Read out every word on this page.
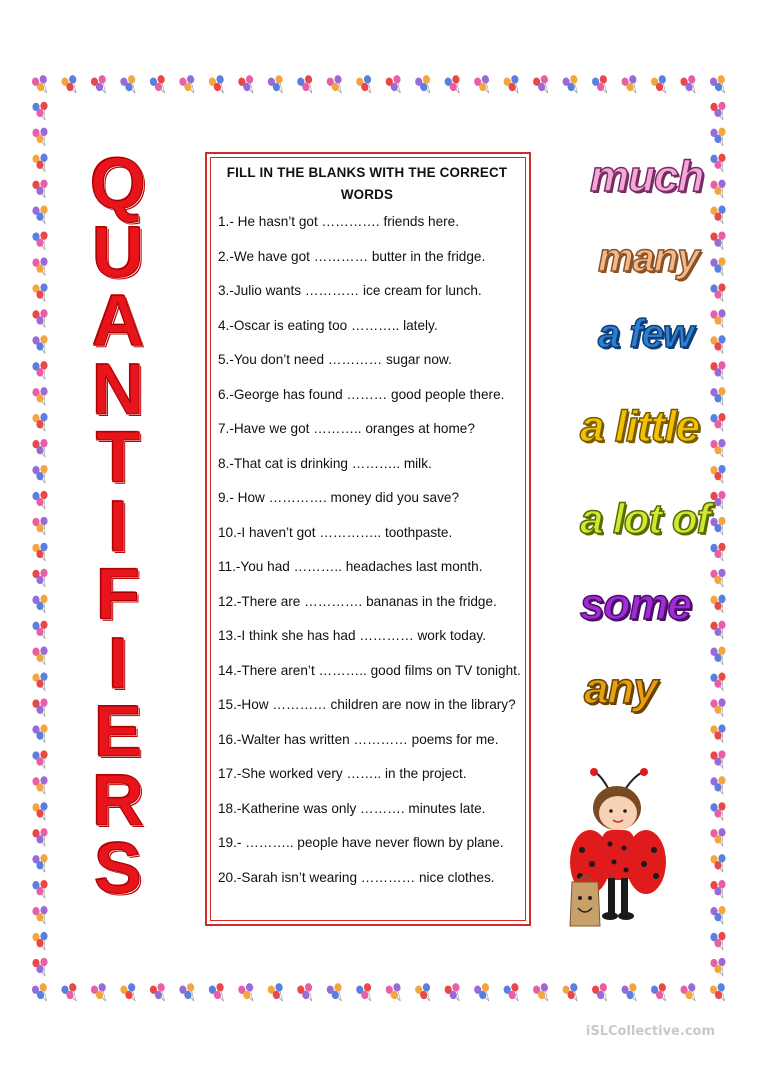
Q
U
A
N
T
I
F
I
E
R
S
FILL IN THE BLANKS WITH THE CORRECT
WORDS
1.- He hasn’t got …………. friends here.
2.-We have got ………… butter in the fridge.
3.-Julio wants ………… ice cream for lunch.
4.-Oscar is eating too ……….. lately.
5.-You don’t need ………… sugar now.
6.-George has found ……… good people there.
7.-Have we got ……….. oranges at home?
8.-That cat is drinking ……….. milk.
9.- How …………. money did you save?
10.-I haven’t got ………….. toothpaste.
11.-You had ……….. headaches last month.
12.-There are …………. bananas in the fridge.
13.-I think she has had ………… work today.
14.-There aren’t ……….. good films on TV tonight.
15.-How ………… children are now in the library?
16.-Walter has written ………… poems for me.
17.-She worked very …….. in the project.
18.-Katherine was only ………. minutes late.
19.- ……….. people have never flown by plane.
20.-Sarah isn’t wearing ………… nice clothes.
much
many
a few
a little
a lot of
some
any
iSLCollective.com
